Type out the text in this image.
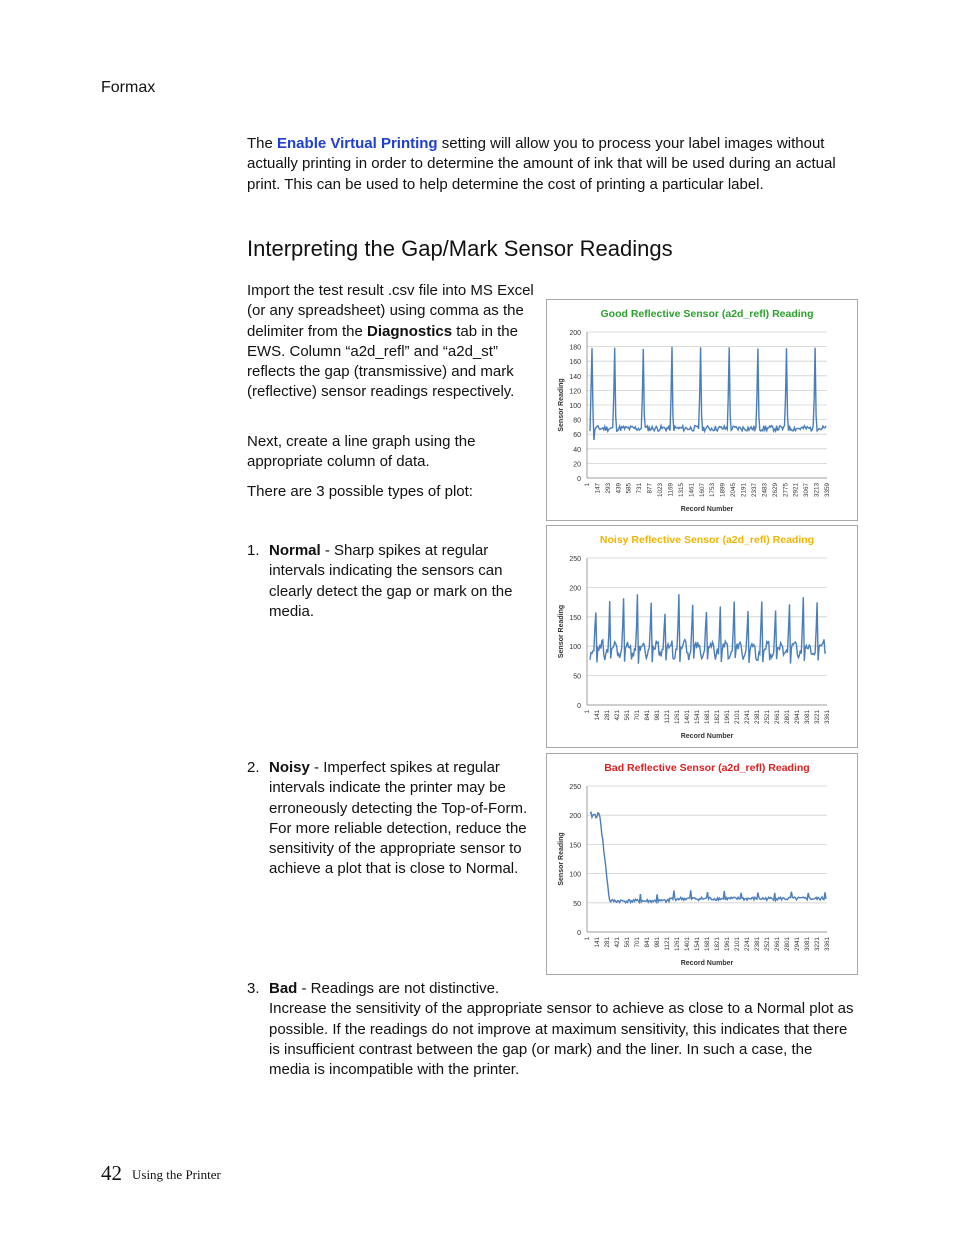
Formax
The Enable Virtual Printing setting will allow you to process your label images without actually printing in order to determine the amount of ink that will be used during an actual print. This can be used to help determine the cost of printing a particular label.
Interpreting the Gap/Mark Sensor Readings
Import the test result .csv file into MS Excel (or any spreadsheet) using comma as the delimiter from the Diagnostics tab in the EWS. Column “a2d_refl” and “a2d_st” reflects the gap (transmissive) and mark (reflective) sensor readings respectively.
Next, create a line graph using the appropriate column of data.
There are 3 possible types of plot:
1. Normal - Sharp spikes at regular intervals indicating the sensors can clearly detect the gap or mark on the media.
2. Noisy - Imperfect spikes at regular intervals indicate the printer may be erroneously detecting the Top-of-Form. For more reliable detection, reduce the sensitivity of the appropriate sensor to achieve a plot that is close to Normal.
3. Bad - Readings are not distinctive.
Increase the sensitivity of the appropriate sensor to achieve as close to a Normal plot as possible. If the readings do not improve at maximum sensitivity, this indicates that there is insufficient contrast between the gap (or mark) and the liner. In such a case, the media is incompatible with the printer.
Good Reflective Sensor (a2d_refl) Reading
0
20
40
60
80
100
120
140
160
180
200
1 147 293 439 585 731 877 1023 1169 1315 1461 1607 1753 1899 2045 2191 2337 2483 2629 2775 2921 3067 3213 3359
Record Number
Sensor Reading
Noisy Reflective Sensor (a2d_refl) Reading
0
50
100
150
200
250
1 141 281 421 561 701 841 981 1121 1261 1401 1541 1681 1821 1961 2101 2241 2381 2521 2661 2801 2941 3081 3221 3361
Record Number
Sensor Reading
Bad Reflective Sensor (a2d_refl) Reading
0
50
100
150
200
250
1 141 281 421 561 701 841 981 1121 1261 1401 1541 1681 1821 1961 2101 2241 2381 2521 2661 2801 2941 3081 3221 3361
Record Number
Sensor Reading
42 Using the Printer
